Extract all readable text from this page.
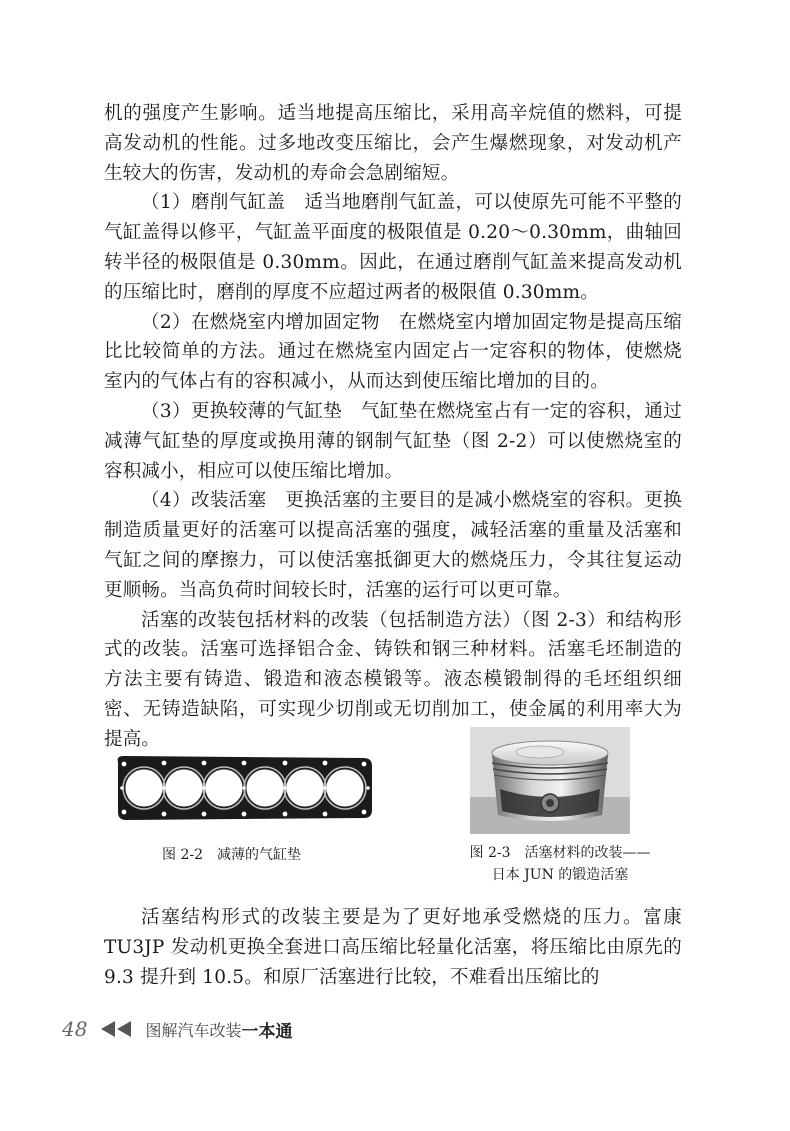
机的强度产生影响。适当地提高压缩比，采用高辛烷值的燃料，可提高发动机的性能。过多地改变压缩比，会产生爆燃现象，对发动机产生较大的伤害，发动机的寿命会急剧缩短。

（1）磨削气缸盖　适当地磨削气缸盖，可以使原先可能不平整的气缸盖得以修平，气缸盖平面度的极限值是 0.20～0.30mm，曲轴回转半径的极限值是 0.30mm。因此，在通过磨削气缸盖来提高发动机的压缩比时，磨削的厚度不应超过两者的极限值 0.30mm。

（2）在燃烧室内增加固定物　在燃烧室内增加固定物是提高压缩比比较简单的方法。通过在燃烧室内固定占一定容积的物体，使燃烧室内的气体占有的容积减小，从而达到使压缩比增加的目的。

（3）更换较薄的气缸垫　气缸垫在燃烧室占有一定的容积，通过减薄气缸垫的厚度或换用薄的钢制气缸垫（图 2-2）可以使燃烧室的容积减小，相应可以使压缩比增加。

（4）改装活塞　更换活塞的主要目的是减小燃烧室的容积。更换制造质量更好的活塞可以提高活塞的强度，减轻活塞的重量及活塞和气缸之间的摩擦力，可以使活塞抵御更大的燃烧压力，令其往复运动更顺畅。当高负荷时间较长时，活塞的运行可以更可靠。

活塞的改装包括材料的改装（包括制造方法）（图 2-3）和结构形式的改装。活塞可选择铝合金、铸铁和钢三种材料。活塞毛坯制造的方法主要有铸造、锻造和液态模锻等。液态模锻制得的毛坯组织细密、无铸造缺陷，可实现少切削或无切削加工，使金属的利用率大为提高。

图 2-2　减薄的气缸垫	图 2-3　活塞材料的改装——
日本 JUN 的锻造活塞

活塞结构形式的改装主要是为了更好地承受燃烧的压力。富康 TU3JP 发动机更换全套进口高压缩比轻量化活塞，将压缩比由原先的 9.3 提升到 10.5。和原厂活塞进行比较，不难看出压缩比的

48	图解汽车改装 一本通
